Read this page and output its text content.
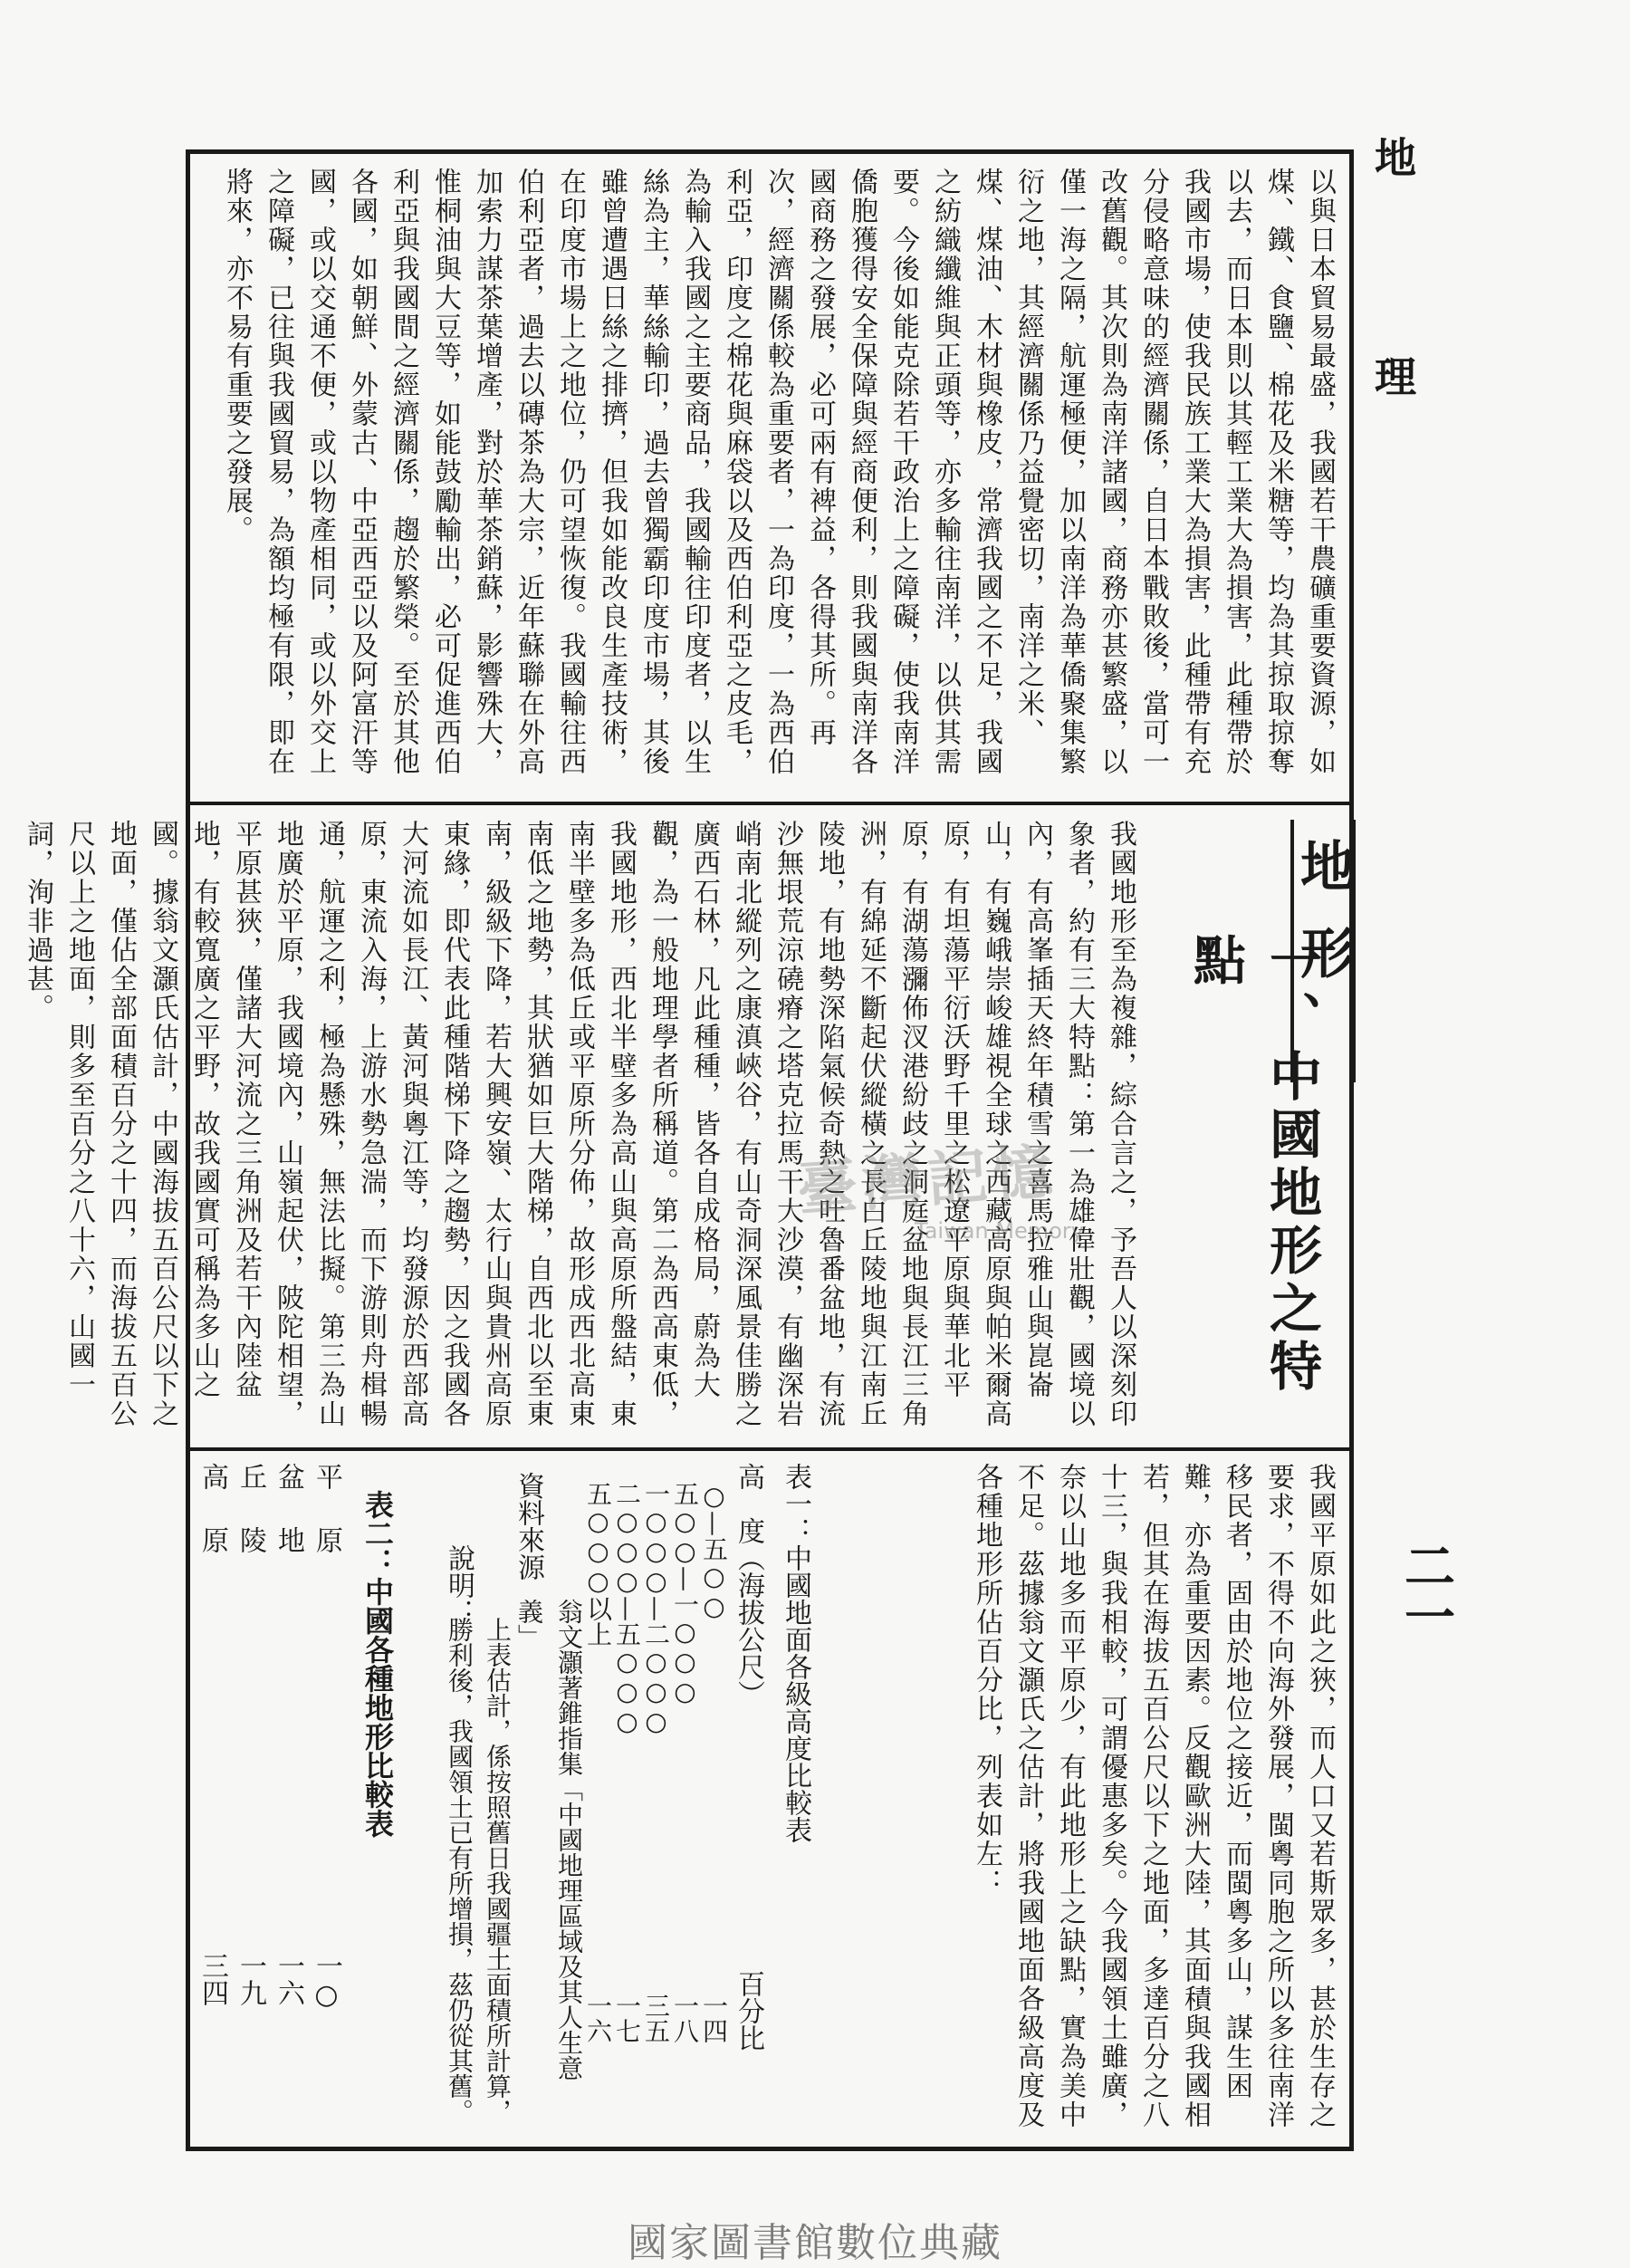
地 理
二一
以與日本貿易最盛，我國若干農礦重要資源，如煤、鐵、食鹽、棉花及米糖等，均為其掠取掠奪以去，而日本則以其輕工業大為損害，此種帶於我國市場，使我民族工業大為損害，此種帶有充分侵略意味的經濟關係，自日本戰敗後，當可一改舊觀。其次則為南洋諸國，商務亦甚繁盛，以僅一海之隔，航運極便，加以南洋為華僑聚集繁衍之地，其經濟關係乃益覺密切，南洋之米、煤、煤油、木材與橡皮，常濟我國之不足，我國之紡織纖維與正頭等，亦多輸往南洋，以供其需要。今後如能克除若干政治上之障礙，使我南洋僑胞獲得安全保障與經商便利，則我國與南洋各國商務之發展，必可兩有裨益，各得其所。再次，經濟關係較為重要者，一為印度，一為西伯利亞，印度之棉花與麻袋以及西伯利亞之皮毛，為輸入我國之主要商品，我國輸往印度者，以生絲為主，華絲輸印，過去曾獨霸印度市場，其後雖曾遭遇日絲之排擠，但我如能改良生產技術，在印度市場上之地位，仍可望恢復。我國輸往西伯利亞者，過去以磚茶為大宗，近年蘇聯在外高加索力謀茶葉增產，對於華茶銷蘇，影響殊大，惟桐油與大豆等，如能鼓勵輸出，必可促進西伯利亞與我國間之經濟關係，趨於繁榮。至於其他各國，如朝鮮、外蒙古、中亞西亞以及阿富汗等國，或以交通不便，或以物產相同，或以外交上之障礙，已往與我國貿易，為額均極有限，即在將來，亦不易有重要之發展。
地形
一、中國地形之特點
我國地形至為複雜，綜合言之，予吾人以深刻印象者，約有三大特點：第一為雄偉壯觀，國境以內，有高峯插天終年積雪之喜馬拉雅山與崑崙山，有巍峨崇峻雄視全球之西藏高原與帕米爾高原，有坦蕩平衍沃野千里之松遼平原與華北平原，有湖蕩瀰佈汊港紛歧之洞庭盆地與長江三角洲，有綿延不斷起伏縱橫之長白丘陵地與江南丘陵地，有地勢深陷氣候奇熱之吐魯番盆地，有流沙無垠荒涼磽瘠之塔克拉馬干大沙漠，有幽深岩峭南北縱列之康滇峽谷，有山奇洞深風景佳勝之廣西石林，凡此種種，皆各自成格局，蔚為大觀，為一般地理學者所稱道。第二為西高東低，我國地形，西北半壁多為高山與高原所盤結，東南半壁多為低丘或平原所分佈，故形成西北高東南低之地勢，其狀猶如巨大階梯，自西北以至東南，級級下降，若大興安嶺、太行山與貴州高原東緣，即代表此種階梯下降之趨勢，因之我國各大河流如長江、黃河與粵江等，均發源於西部高原，東流入海，上游水勢急湍，而下游則舟楫暢通，航運之利，極為懸殊，無法比擬。第三為山地廣於平原，我國境內，山嶺起伏，陂陀相望，平原甚狹，僅諸大河流之三角洲及若干內陸盆地，有較寬廣之平野，故我國實可稱為多山之國。據翁文灝氏估計，中國海拔五百公尺以下之地面，僅佔全部面積百分之十四，而海拔五百公尺以上之地面，則多至百分之八十六，山國一詞，洵非過甚。
我國平原如此之狹，而人口又若斯眾多，甚於生存之要求，不得不向海外發展，閩粵同胞之所以多往南洋移民者，固由於地位之接近，而閩粵多山，謀生困難，亦為重要因素。反觀歐洲大陸，其面積與我國相若，但其在海拔五百公尺以下之地面，多達百分之八十三，與我相較，可謂優惠多矣。今我國領土雖廣，奈以山地多而平原少，有此地形上之缺點，實為美中不足。茲據翁文灝氏之估計，將我國地面各級高度及各種地形所佔百分比，列表如左：
表一：中國地面各級高度比較表
高　度（海拔公尺）
百分比
○—五○○
一四
五○○—一○○○
一八
一○○○—二○○○
三五
二○○○—五○○○
一七
五○○○以上
一六
資料來源
翁文灝著錐指集「中國地理區域及其人生意義」
說明：
上表估計，係按照舊日我國疆土面積所計算，勝利後，我國領土已有所增損，茲仍從其舊。
表二：中國各種地形比較表
平原
一○
盆地
一六
丘陵
一九
高原
三四
臺灣記憶
Taiwan Memory
國家圖書館數位典藏
